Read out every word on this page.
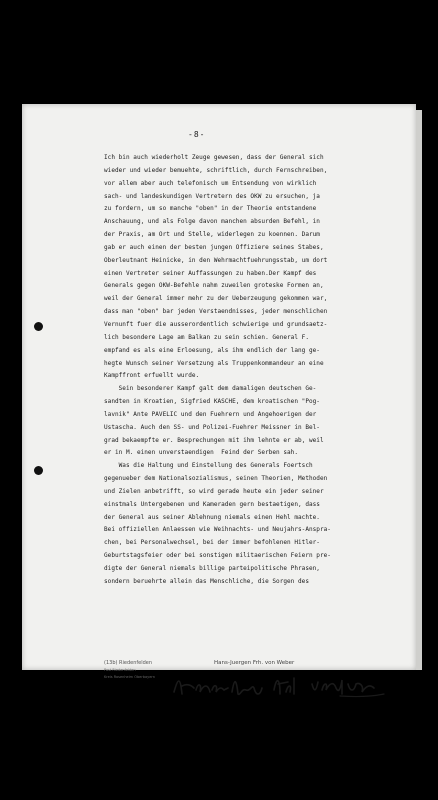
-8-
Ich bin auch wiederholt Zeuge gewesen, dass der General sich
wieder und wieder bemuehte, schriftlich, durch Fernschreiben,
vor allem aber auch telefonisch um Entsendung von wirklich
sach- und landeskundigen Vertretern des OKW zu ersuchen, ja
zu fordern, um so manche "oben" in der Theorie entstandene
Anschauung, und als Folge davon manchen absurden Befehl, in
der Praxis, am Ort und Stelle, widerlegen zu koennen. Darum
gab er auch einen der besten jungen Offiziere seines Stabes,
Oberleutnant Heinicke, in den Wehrmachtfuehrungsstab, um dort
einen Vertreter seiner Auffassungen zu haben.Der Kampf des
Generals gegen OKW-Befehle nahm zuweilen groteske Formen an,
weil der General immer mehr zu der Ueberzeugung gekommen war,
dass man "oben" bar jeden Verstaendnisses, jeder menschlichen
Vernunft fuer die ausserordentlich schwierige und grundsaetz-
lich besondere Lage am Balkan zu sein schien. General F.
empfand es als eine Erloesung, als ihm endlich der lang ge-
hegte Wunsch seiner Versetzung als Truppenkommandeur an eine
Kampffront erfuellt wurde.
Sein besonderer Kampf galt dem damaligen deutschen Ge-
sandten in Kroatien, Sigfried KASCHE, dem kroatischen "Pog-
lavnik" Ante PAVELIC und den Fuehrern und Angehoerigen der
Ustascha. Auch den SS- und Polizei-Fuehrer Meissner in Bel-
grad bekaempfte er. Besprechungen mit ihm lehnte er ab, weil
er in M. einen unverstaendigen  Feind der Serben sah.
Was die Haltung und Einstellung des Generals Foertsch
gegenueber dem Nationalsozialismus, seinen Theorien, Methoden
und Zielen anbetrifft, so wird gerade heute ein jeder seiner
einstmals Untergebenen und Kameraden gern bestaetigen, dass
der General aus seiner Ablehnung niemals einen Hehl machte.
Bei offiziellen Anlaessen wie Weihnachts- und Neujahrs-Anspra-
chen, bei Personalwechsel, bei der immer befohlenen Hitler-
Geburtstagsfeier oder bei sonstigen militaerischen Feiern pre-
digte der General niemals billige parteipolitische Phrasen,
sondern beruehrte allein das Menschliche, die Sorgen des
Hans-Juergen Frh. von Weber
(13b) Riedenfelden
Post Riedenfelden
Kreis Rosenheim Oberbayern
